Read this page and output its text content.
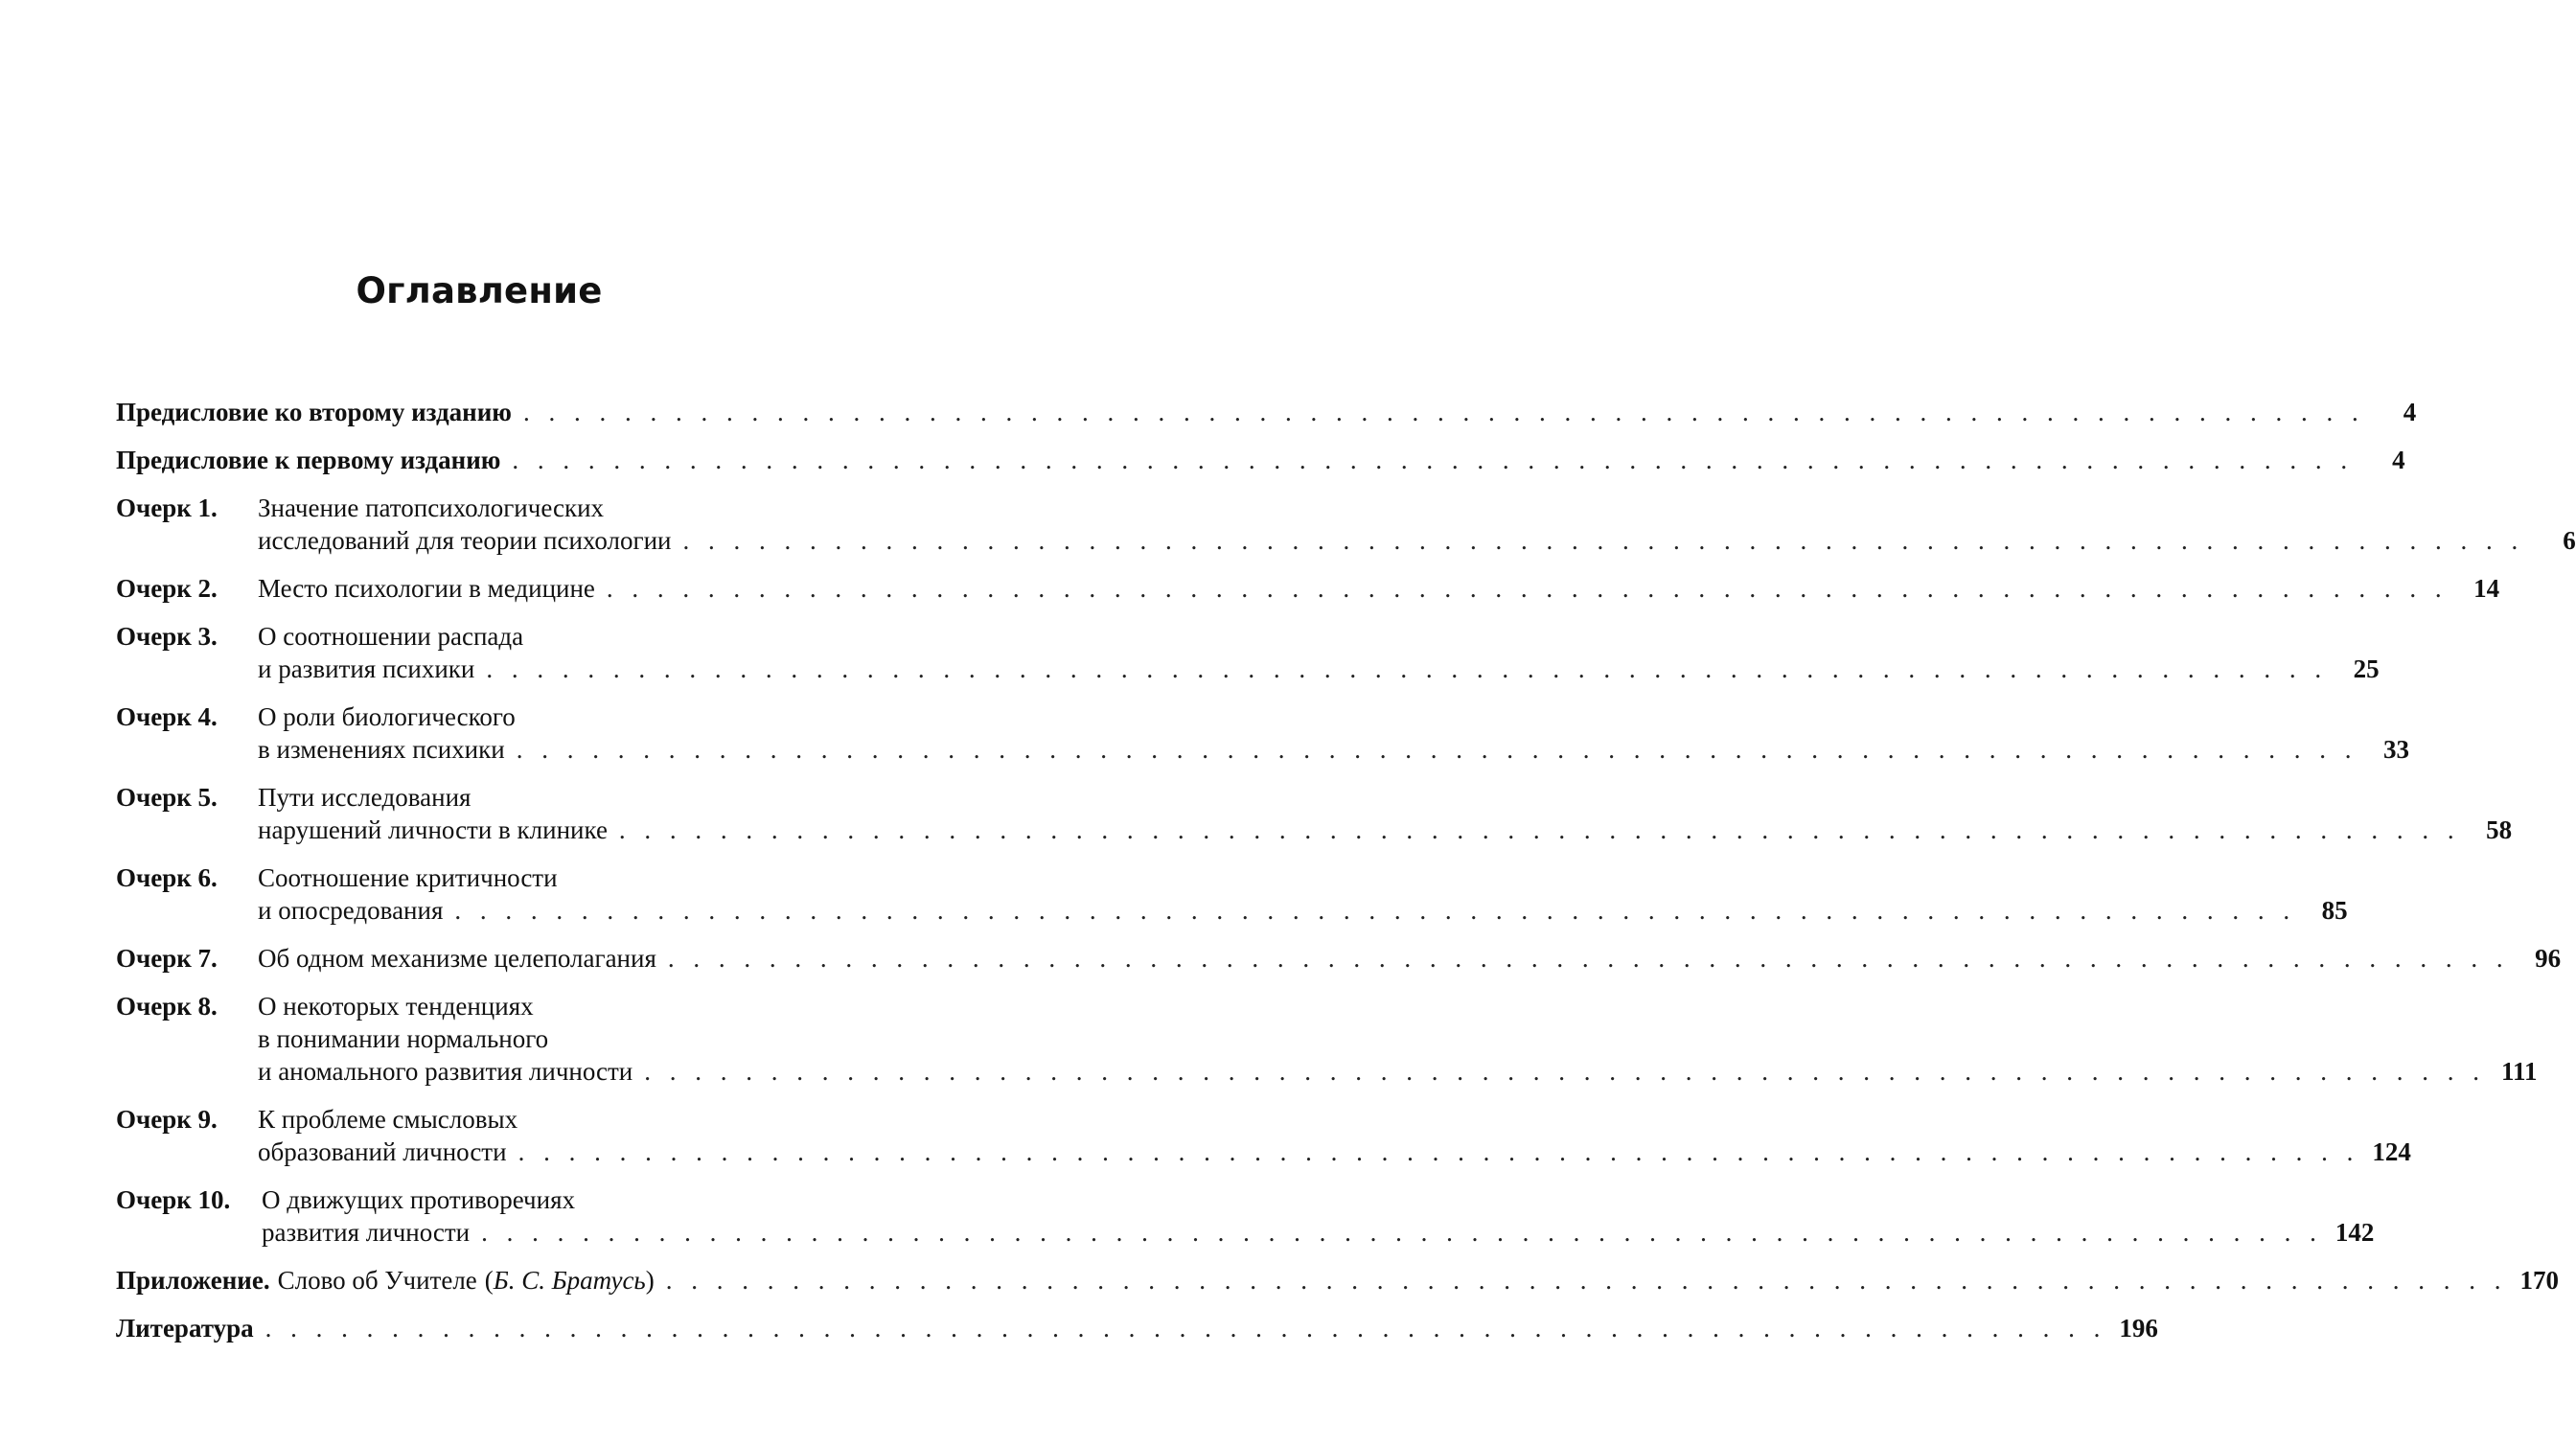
Оглавление
Предисловие ко второму изданию . . .	4
Предисловие к первому изданию . . .	4
Очерк 1.	Значение патопсихологических
исследований для теории психологии . . .	6
Очерк 2.	Место психологии в медицине . . .	14
Очерк 3.	О соотношении распада
и развития психики . . .	25
Очерк 4.	О роли биологического
в изменениях психики . . .	33
Очерк 5.	Пути исследования
нарушений личности в клинике . . .	58
Очерк 6.	Соотношение критичности
и опосредования . . .	85
Очерк 7.	Об одном механизме целеполагания . . .	96
Очерк 8.	О некоторых тенденциях
в понимании нормального
и аномального развития личности . . .	111
Очерк 9.	К проблеме смысловых
образований личности . . .	124
Очерк 10.	О движущих противоречиях
развития личности . . .	142
Приложение. Слово об Учителе ( Б. С. Братусь ) . . .	170
Литература . . .	196
